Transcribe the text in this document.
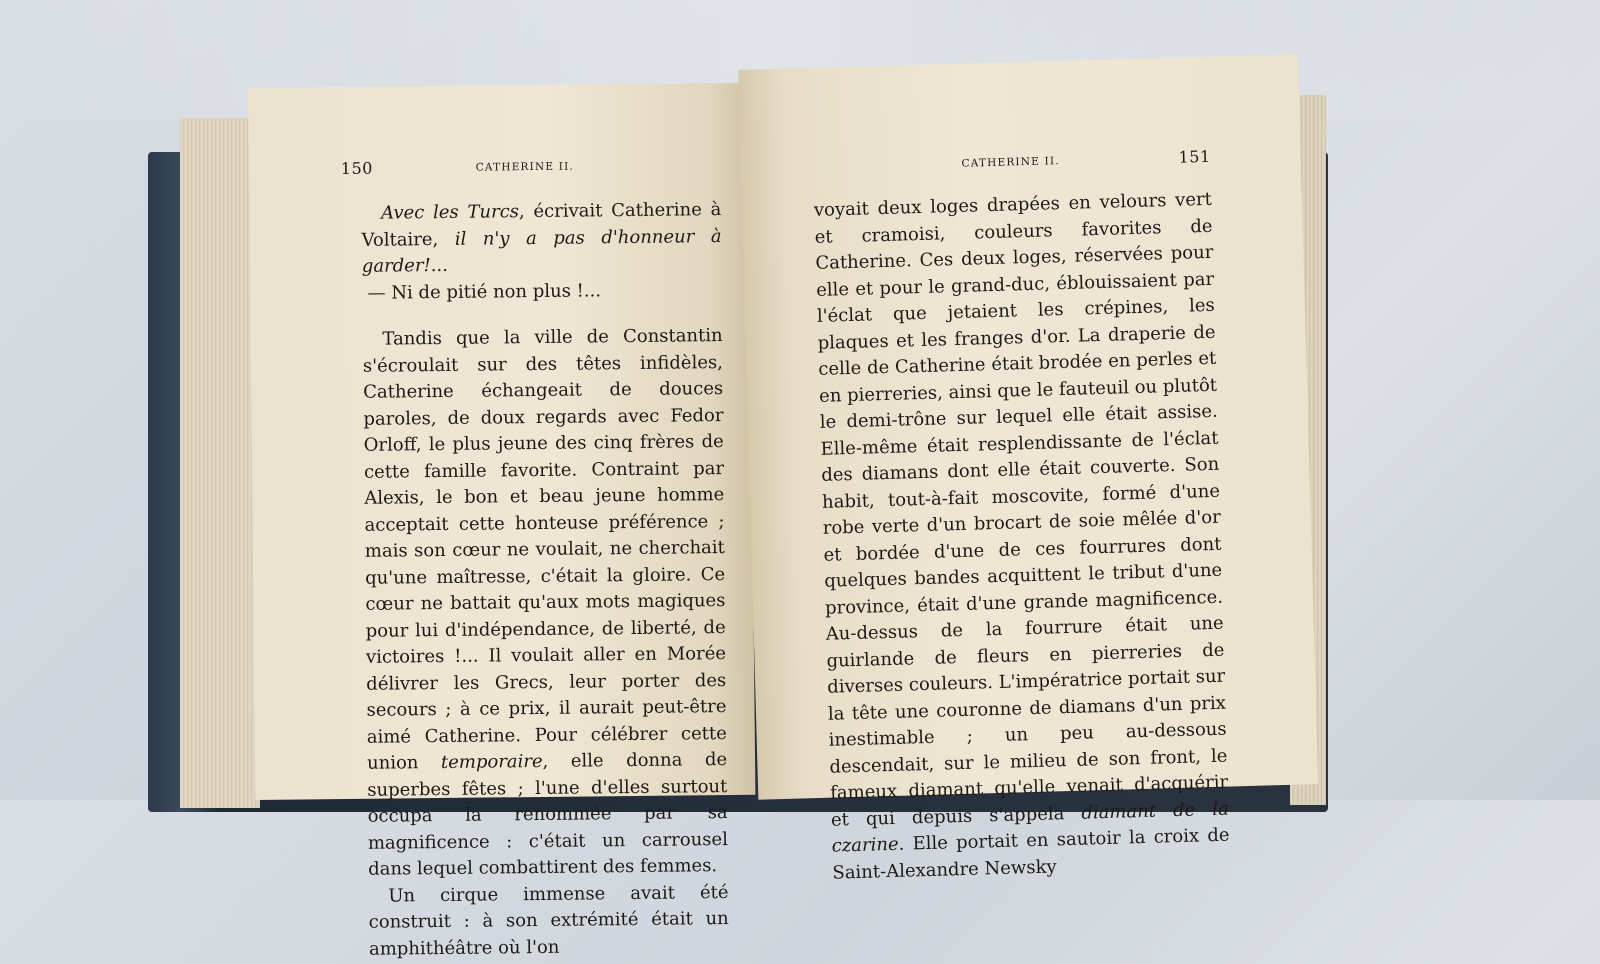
150	CATHERINE II.

Avec les Turcs, écrivait Catherine à Voltaire, il n'y a pas d'honneur à garder!...

— Ni de pitié non plus !...

Tandis que la ville de Constantin s'écroulait sur des têtes infidèles, Catherine échangeait de douces paroles, de doux regards avec Fedor Orloff, le plus jeune des cinq frères de cette famille favorite. Contraint par Alexis, le bon et beau jeune homme acceptait cette honteuse préférence ; mais son cœur ne voulait, ne cherchait qu'une maîtresse, c'était la gloire. Ce cœur ne battait qu'aux mots magiques pour lui d'indépendance, de liberté, de victoires !... Il voulait aller en Morée délivrer les Grecs, leur porter des secours ; à ce prix, il aurait peut-être aimé Catherine. Pour célébrer cette union temporaire, elle donna de superbes fêtes ; l'une d'elles surtout occupa la renommée par sa magnificence : c'était un carrousel dans lequel combattirent des femmes.

Un cirque immense avait été construit : à son extrémité était un amphithéâtre où l'on

CATHERINE II.	151

voyait deux loges drapées en velours vert et cramoisi, couleurs favorites de Catherine. Ces deux loges, réservées pour elle et pour le grand-duc, éblouissaient par l'éclat que jetaient les crépines, les plaques et les franges d'or. La draperie de celle de Catherine était brodée en perles et en pierreries, ainsi que le fauteuil ou plutôt le demi-trône sur lequel elle était assise. Elle-même était resplendissante de l'éclat des diamans dont elle était couverte. Son habit, tout-à-fait moscovite, formé d'une robe verte d'un brocart de soie mêlée d'or et bordée d'une de ces fourrures dont quelques bandes acquittent le tribut d'une province, était d'une grande magnificence. Au-dessus de la fourrure était une guirlande de fleurs en pierreries de diverses couleurs. L'impératrice portait sur la tête une couronne de diamans d'un prix inestimable ; un peu au-dessous descendait, sur le milieu de son front, le fameux diamant qu'elle venait d'acquérir et qui depuis s'appela diamant de la czarine. Elle portait en sautoir la croix de Saint-Alexandre Newsky
